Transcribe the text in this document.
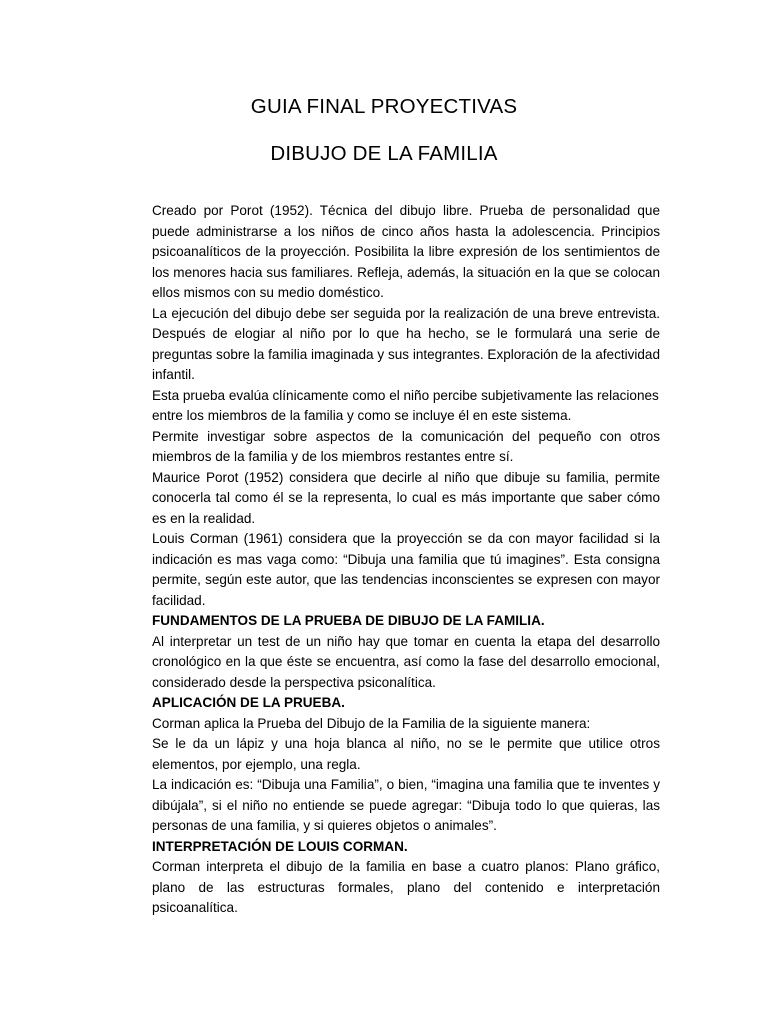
GUIA FINAL PROYECTIVAS
DIBUJO DE LA FAMILIA

Creado por Porot (1952). Técnica del dibujo libre. Prueba de personalidad que puede administrarse a los niños de cinco años hasta la adolescencia. Principios psicoanalíticos de la proyección. Posibilita la libre expresión de los sentimientos de los menores hacia sus familiares. Refleja, además, la situación en la que se colocan ellos mismos con su medio doméstico.

La ejecución del dibujo debe ser seguida por la realización de una breve entrevista. Después de elogiar al niño por lo que ha hecho, se le formulará una serie de preguntas sobre la familia imaginada y sus integrantes. Exploración de la afectividad infantil.

Esta prueba evalúa clínicamente como el niño percibe subjetivamente las relaciones entre los miembros de la familia y como se incluye él en este sistema.

Permite investigar sobre aspectos de la comunicación del pequeño con otros miembros de la familia y de los miembros restantes entre sí.

Maurice Porot (1952) considera que decirle al niño que dibuje su familia, permite conocerla tal como él se la representa, lo cual es más importante que saber cómo es en la realidad.

Louis Corman (1961) considera que la proyección se da con mayor facilidad si la indicación es mas vaga como: “Dibuja una familia que tú imagines”. Esta consigna permite, según este autor, que las tendencias inconscientes se expresen con mayor facilidad.

FUNDAMENTOS DE LA PRUEBA DE DIBUJO DE LA FAMILIA.

Al interpretar un test de un niño hay que tomar en cuenta la etapa del desarrollo cronológico en la que éste se encuentra, así como la fase del desarrollo emocional, considerado desde la perspectiva psiconalítica.

APLICACIÓN DE LA PRUEBA.

Corman aplica la Prueba del Dibujo de la Familia de la siguiente manera:

Se le da un lápiz y una hoja blanca al niño, no se le permite que utilice otros elementos, por ejemplo, una regla.

La indicación es: “Dibuja una Familia”, o bien, “imagina una familia que te inventes y dibújala”, si el niño no entiende se puede agregar: “Dibuja todo lo que quieras, las personas de una familia, y si quieres objetos o animales”.

INTERPRETACIÓN DE LOUIS CORMAN.

Corman interpreta el dibujo de la familia en base a cuatro planos: Plano gráfico, plano de las estructuras formales, plano del contenido e interpretación psicoanalítica.
